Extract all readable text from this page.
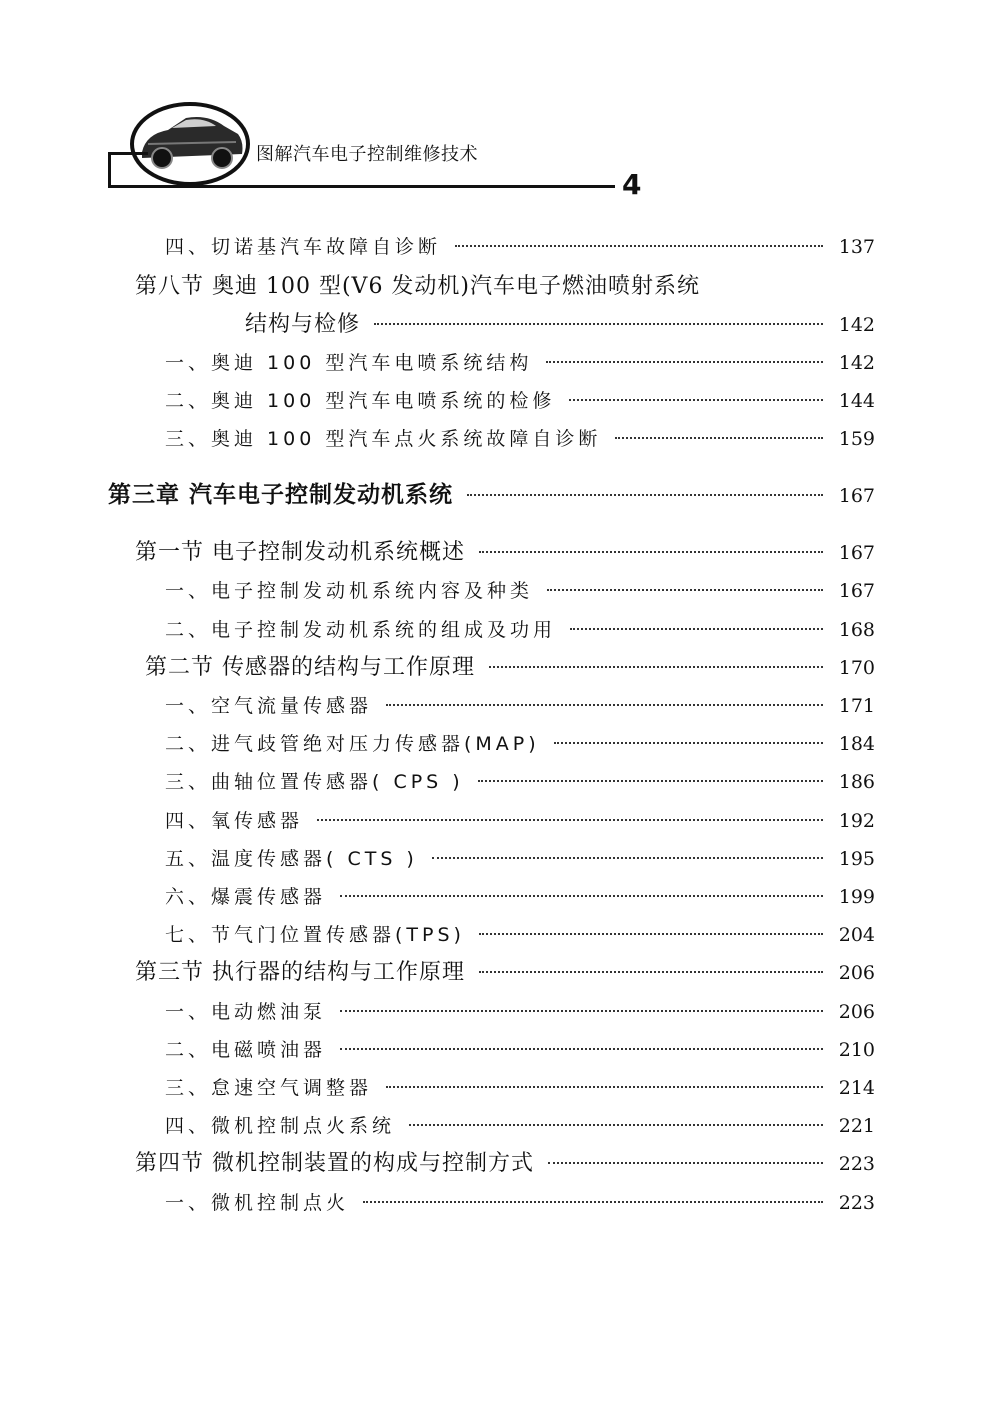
图解汽车电子控制维修技术
4
四、切诺基汽车故障自诊断	137
第八节 奥迪 100 型(V6 发动机)汽车电子燃油喷射系统
结构与检修	142
一、奥迪 100 型汽车电喷系统结构	142
二、奥迪 100 型汽车电喷系统的检修	144
三、奥迪 100 型汽车点火系统故障自诊断	159
第三章 汽车电子控制发动机系统	167
第一节 电子控制发动机系统概述	167
一、电子控制发动机系统内容及种类	167
二、电子控制发动机系统的组成及功用	168
第二节 传感器的结构与工作原理	170
一、空气流量传感器	171
二、进气歧管绝对压力传感器(MAP)	184
三、曲轴位置传感器( CPS )	186
四、氧传感器	192
五、温度传感器( CTS )	195
六、爆震传感器	199
七、节气门位置传感器(TPS)	204
第三节 执行器的结构与工作原理	206
一、电动燃油泵	206
二、电磁喷油器	210
三、怠速空气调整器	214
四、微机控制点火系统	221
第四节 微机控制装置的构成与控制方式	223
一、微机控制点火	223
